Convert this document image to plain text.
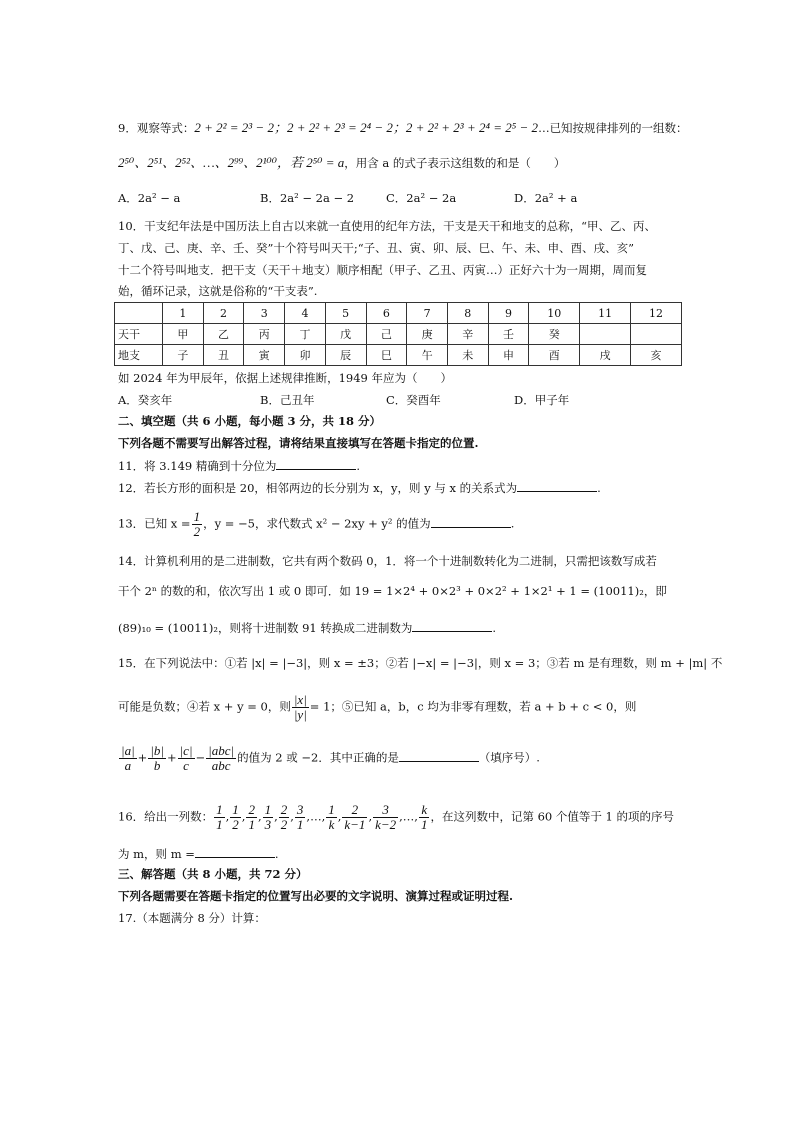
9．观察等式：2 + 2² = 2³ − 2；2 + 2² + 2³ = 2⁴ − 2；2 + 2² + 2³ + 2⁴ = 2⁵ − 2…已知按规律排列的一组数：
2⁵⁰、2⁵¹、2⁵²、…、2⁹⁹、2¹⁰⁰，若 2⁵⁰ = a，用含 a 的式子表示这组数的和是（　　）
A．2a² − a	B．2a² − 2a − 2	C．2a² − 2a	D．2a² + a
10．干支纪年法是中国历法上自古以来就一直使用的纪年方法，干支是天干和地支的总称，“甲、乙、丙、
丁、戊、己、庚、辛、壬、癸”十个符号叫天干;“子、丑、寅、卯、辰、巳、午、未、申、酉、戌、亥”
十二个符号叫地支．把干支（天干＋地支）顺序相配（甲子、乙丑、丙寅…）正好六十为一周期，周而复
始，循环记录，这就是俗称的“干支表”.
	1	2	3	4	5	6	7	8	9	10	11	12
天干	甲	乙	丙	丁	戊	己	庚	辛	壬	癸		
地支	子	丑	寅	卯	辰	巳	午	未	申	酉	戌	亥
如 2024 年为甲辰年，依据上述规律推断，1949 年应为（　　）
A．癸亥年	B．己丑年	C．癸酉年	D．甲子年
二、填空题（共 6 小题，每小题 3 分，共 18 分）
下列各题不需要写出解答过程，请将结果直接填写在答题卡指定的位置.
11．将 3.149 精确到十分位为	.
12．若长方形的面积是 20，相邻两边的长分别为 x，y，则 y 与 x 的关系式为	.
13．已知 $x = \frac{1}{2}$ ，y = −5，求代数式 x² − 2xy + y² 的值为	.
14．计算机利用的是二进制数，它共有两个数码 0，1．将一个十进制数转化为二进制，只需把该数写成若
干个 2ⁿ 的数的和，依次写出 1 或 0 即可．如 19 = 1×2⁴ + 0×2³ + 0×2² + 1×2¹ + 1 = (10011)₂，即
(89)₁₀ = (10011)₂，则将十进制数 91 转换成二进制数为	.
15．在下列说法中：①若 |x| = |−3|，则 x = ±3；②若 |−x| = |−3|，则 x = 3；③若 m 是有理数，则 m + |m| 不
可能是负数；④若 x + y = 0，则 $\frac{|x|}{|y|} = 1$；⑤已知 a，b，c 均为非零有理数，若 a + b + c < 0，则
$\frac{|a|}{a} + \frac{|b|}{b} + \frac{|c|}{c} - \frac{\text{|abc|}}{\text{abc}}$ 的值为 2 或 −2．其中正确的是	（填序号）.
16．给出一列数： $\frac{1}{1}$ , $\frac{1}{2}$ , $\frac{2}{1}$ , $\frac{1}{3}$ , $\frac{2}{2}$ , $\frac{3}{1}$ ,…, $\frac{1}{k}$ , $\frac{2}{k-1}$ , $\frac{3}{k-2}$ ,…, $\frac{k}{1}$ ，在这列数中，记第 60 个值等于 1 的项的序号
为 m，则 m =	.
三、解答题（共 8 小题，共 72 分）
下列各题需要在答题卡指定的位置写出必要的文字说明、演算过程或证明过程.
17.（本题满分 8 分）计算：
